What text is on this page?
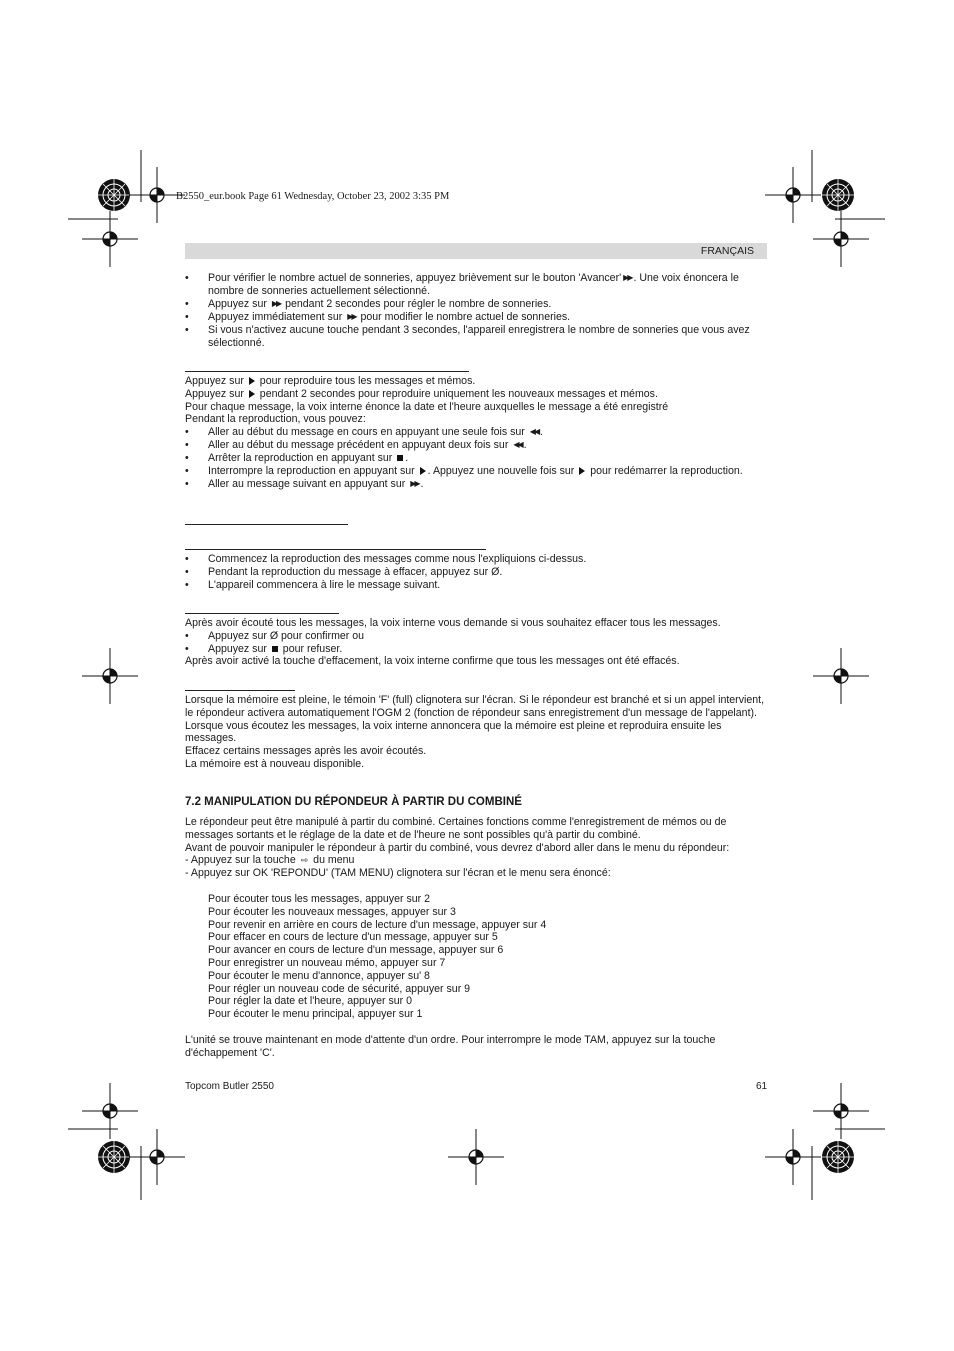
B2550_eur.book Page 61 Wednesday, October 23, 2002 3:35 PM
FRANÇAIS
• Pour vérifier le nombre actuel de sonneries, appuyez brièvement sur le bouton 'Avancer' ▶▶ . Une voix énoncera le nombre de sonneries actuellement sélectionné.
• Appuyez sur ▶▶ pendant 2 secondes pour régler le nombre de sonneries.
• Appuyez immédiatement sur ▶▶ pour modifier le nombre actuel de sonneries.
• Si vous n'activez aucune touche pendant 3 secondes, l'appareil enregistrera le nombre de sonneries que vous avez sélectionné.

Appuyez sur pour reproduire tous les messages et mémos.

Appuyez sur pendant 2 secondes pour reproduire uniquement les nouveaux messages et mémos.

Pour chaque message, la voix interne énonce la date et l'heure auxquelles le message a été enregistré

Pendant la reproduction, vous pouvez:

• Aller au début du message en cours en appuyant une seule fois sur ◀◀ .
• Aller au début du message précédent en appuyant deux fois sur ◀◀ .
• Arrêter la reproduction en appuyant sur .
• Interrompre la reproduction en appuyant sur . Appuyez une nouvelle fois sur pour redémarrer la reproduction.
• Aller au message suivant en appuyant sur ▶▶ .
• Commencez la reproduction des messages comme nous l'expliquions ci-dessus.
• Pendant la reproduction du message à effacer, appuyez sur Ø.
• L'appareil commencera à lire le message suivant.

Après avoir écouté tous les messages, la voix interne vous demande si vous souhaitez effacer tous les messages.

• Appuyez sur Ø pour confirmer ou
• Appuyez sur pour refuser.

Après avoir activé la touche d'effacement, la voix interne confirme que tous les messages ont été effacés.

Lorsque la mémoire est pleine, le témoin 'F' (full) clignotera sur l'écran. Si le répondeur est branché et si un appel intervient, le répondeur activera automatiquement l'OGM 2 (fonction de répondeur sans enregistrement d'un message de l'appelant).

Lorsque vous écoutez les messages, la voix interne annoncera que la mémoire est pleine et reproduira ensuite les messages.

Effacez certains messages après les avoir écoutés.

La mémoire est à nouveau disponible.

7.2 MANIPULATION DU RÉPONDEUR À PARTIR DU COMBINÉ

Le répondeur peut être manipulé à partir du combiné. Certaines fonctions comme l'enregistrement de mémos ou de messages sortants et le réglage de la date et de l'heure ne sont possibles qu'à partir du combiné.

Avant de pouvoir manipuler le répondeur à partir du combiné, vous devrez d'abord aller dans le menu du répondeur:

- Appuyez sur la touche ⇨ du menu

- Appuyez sur OK 'REPONDU' (TAM MENU) clignotera sur l'écran et le menu sera énoncé:

Pour écouter tous les messages, appuyer sur 2
Pour écouter les nouveaux messages, appuyer sur 3
Pour revenir en arrière en cours de lecture d'un message, appuyer sur 4
Pour effacer en cours de lecture d'un message, appuyer sur 5
Pour avancer en cours de lecture d'un message, appuyer sur 6
Pour enregistrer un nouveau mémo, appuyer sur 7
Pour écouter le menu d'annonce, appuyer su' 8
Pour régler un nouveau code de sécurité, appuyer sur 9
Pour régler la date et l'heure, appuyer sur 0
Pour écouter le menu principal, appuyer sur 1
L'unité se trouve maintenant en mode d'attente d'un ordre. Pour interrompre le mode TAM, appuyez sur la touche d'échappement 'C'.
Topcom Butler 2550	61
